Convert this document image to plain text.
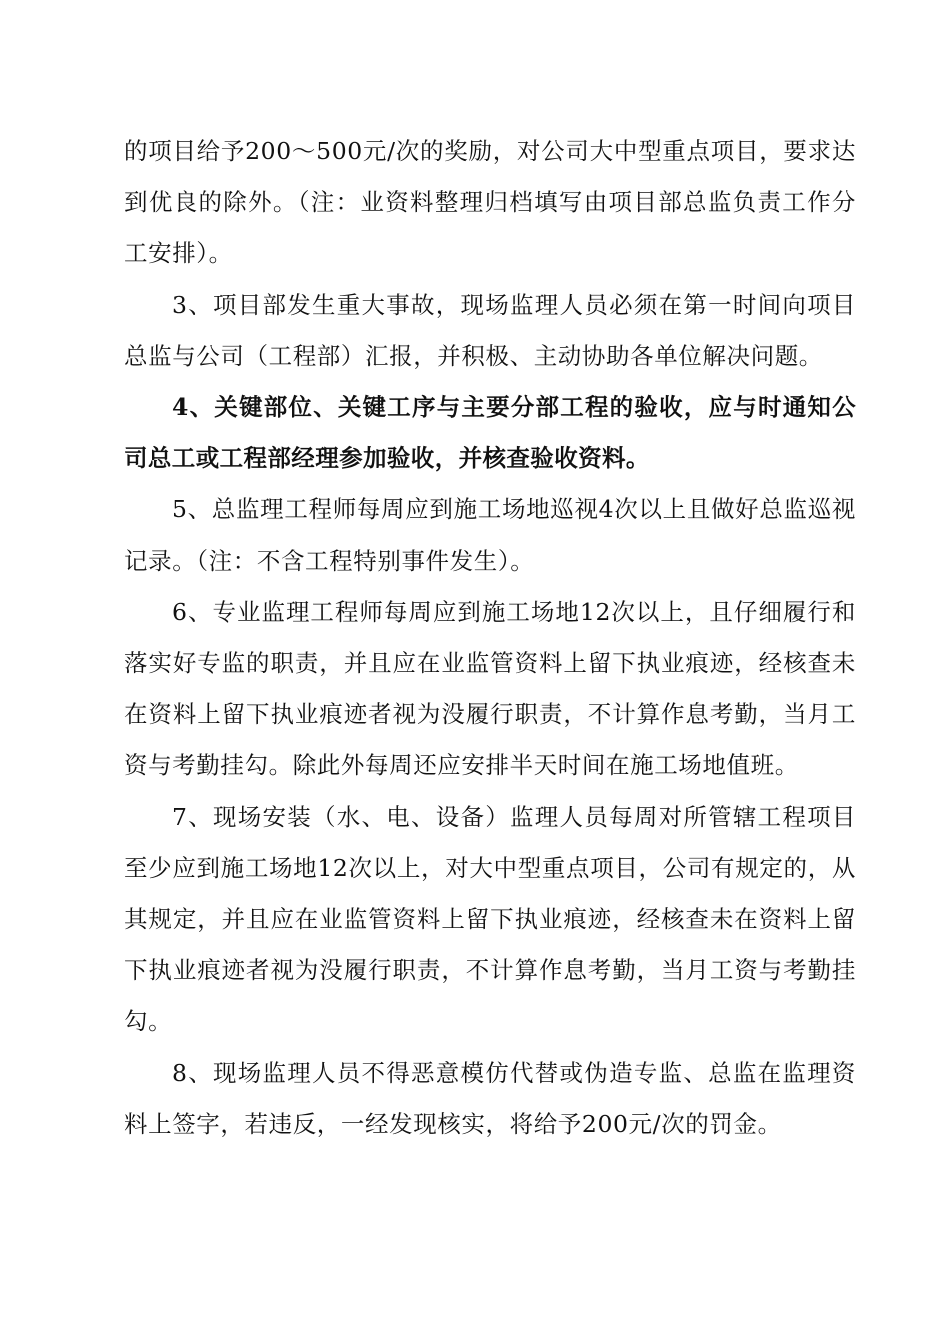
的项目给予200～500元/次的奖励，对公司大中型重点项目，要求达到优良的除外。（注：业资料整理归档填写由项目部总监负责工作分工安排）。

3、项目部发生重大事故，现场监理人员必须在第一时间向项目总监与公司（工程部）汇报，并积极、主动协助各单位解决问题。

4、关键部位、关键工序与主要分部工程的验收，应与时通知公司总工或工程部经理参加验收，并核查验收资料。

5、总监理工程师每周应到施工场地巡视4次以上且做好总监巡视记录。（注：不含工程特别事件发生）。

6、专业监理工程师每周应到施工场地12次以上，且仔细履行和落实好专监的职责，并且应在业监管资料上留下执业痕迹，经核查未在资料上留下执业痕迹者视为没履行职责，不计算作息考勤，当月工资与考勤挂勾。除此外每周还应安排半天时间在施工场地值班。

7、现场安装（水、电、设备）监理人员每周对所管辖工程项目至少应到施工场地12次以上，对大中型重点项目，公司有规定的，从其规定，并且应在业监管资料上留下执业痕迹，经核查未在资料上留下执业痕迹者视为没履行职责，不计算作息考勤，当月工资与考勤挂勾。

8、现场监理人员不得恶意模仿代替或伪造专监、总监在监理资料上签字，若违反，一经发现核实，将给予200元/次的罚金。
